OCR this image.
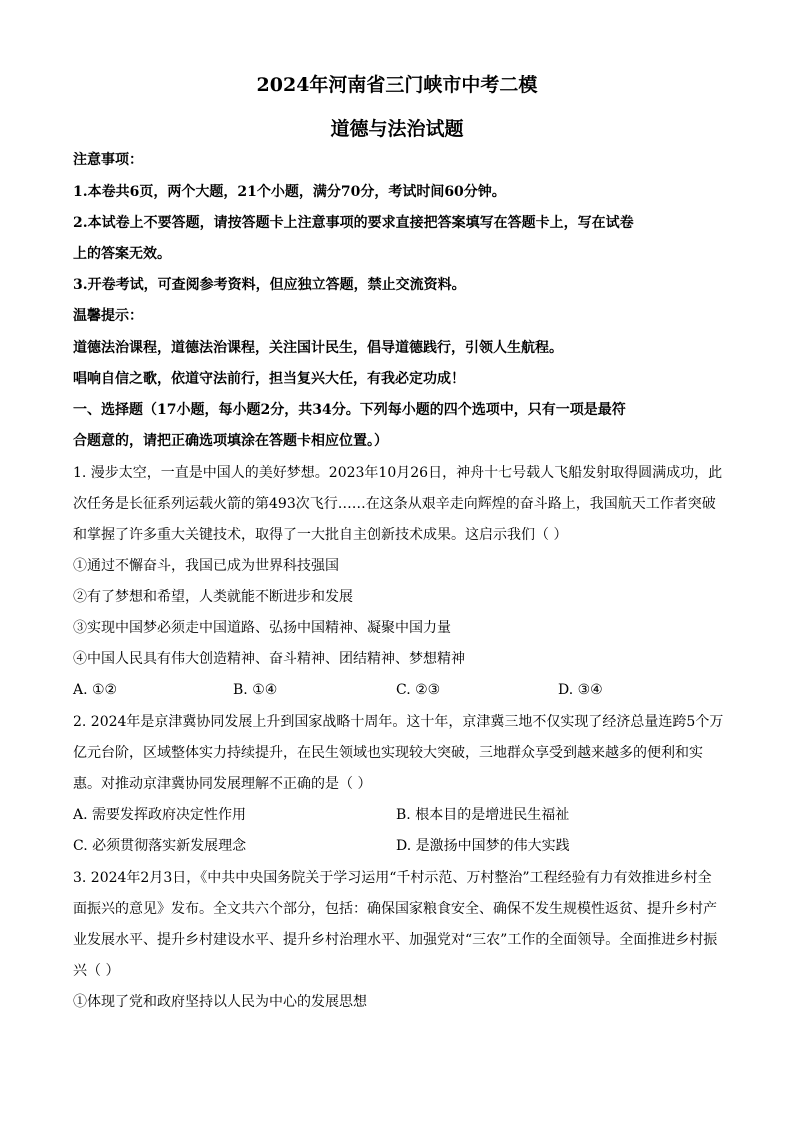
2024年河南省三门峡市中考二模
道德与法治试题
注意事项：
1.本卷共6页，两个大题，21个小题，满分70分，考试时间60分钟。
2.本试卷上不要答题，请按答题卡上注意事项的要求直接把答案填写在答题卡上，写在试卷
上的答案无效。
3.开卷考试，可查阅参考资料，但应独立答题，禁止交流资料。
温馨提示：
道德法治课程，道德法治课程，关注国计民生，倡导道德践行，引领人生航程。
唱响自信之歌，依道守法前行，担当复兴大任，有我必定功成！
一、选择题（17小题，每小题2分，共34分。下列每小题的四个选项中，只有一项是最符
合题意的，请把正确选项填涂在答题卡相应位置。）
1. 漫步太空，一直是中国人的美好梦想。2023年10月26日，神舟十七号载人飞船发射取得圆满成功，此
次任务是长征系列运载火箭的第493次飞行……在这条从艰辛走向辉煌的奋斗路上，我国航天工作者突破
和掌握了许多重大关键技术，取得了一大批自主创新技术成果。这启示我们（ ）
①通过不懈奋斗，我国已成为世界科技强国
②有了梦想和希望，人类就能不断进步和发展
③实现中国梦必须走中国道路、弘扬中国精神、凝聚中国力量
④中国人民具有伟大创造精神、奋斗精神、团结精神、梦想精神
A. ①②	B. ①④	C. ②③	D. ③④
2. 2024年是京津冀协同发展上升到国家战略十周年。这十年，京津冀三地不仅实现了经济总量连跨5个万
亿元台阶，区域整体实力持续提升，在民生领域也实现较大突破，三地群众享受到越来越多的便利和实
惠。对推动京津冀协同发展理解不正确的是（ ）
A. 需要发挥政府决定性作用	B. 根本目的是增进民生福祉
C. 必须贯彻落实新发展理念	D. 是激扬中国梦的伟大实践
3. 2024年2月3日，《中共中央国务院关于学习运用“千村示范、万村整治”工程经验有力有效推进乡村全
面振兴的意见》发布。全文共六个部分，包括：确保国家粮食安全、确保不发生规模性返贫、提升乡村产
业发展水平、提升乡村建设水平、提升乡村治理水平、加强党对“三农”工作的全面领导。全面推进乡村振
兴（ ）
①体现了党和政府坚持以人民为中心的发展思想
